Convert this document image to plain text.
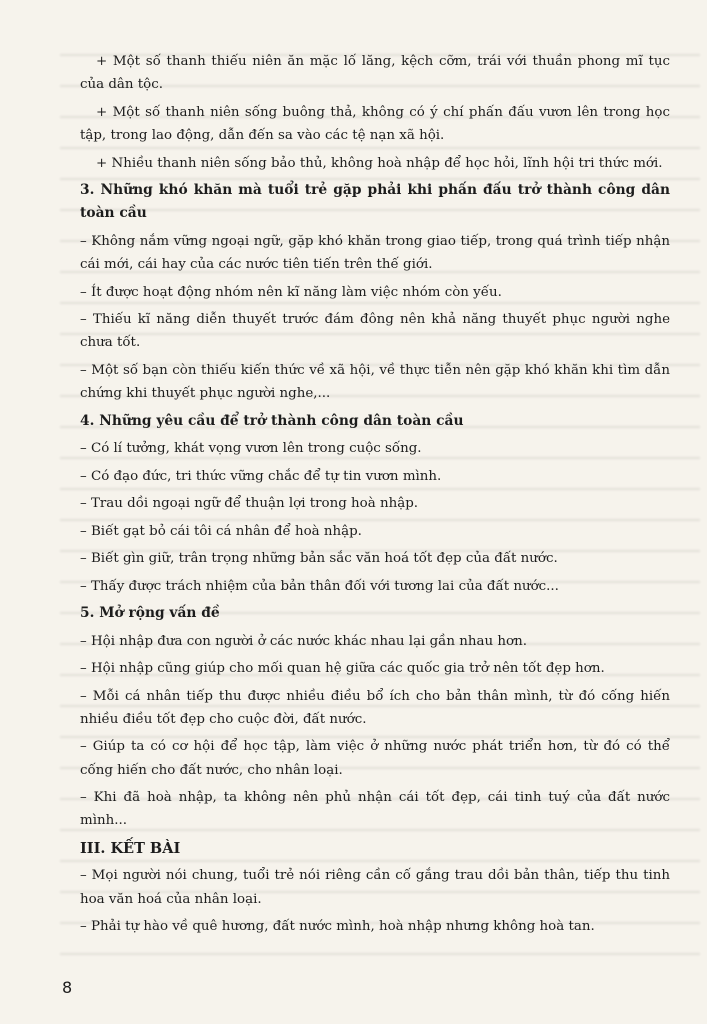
+ Một số thanh thiếu niên ăn mặc lố lăng, kệch cỡm, trái với thuần phong mĩ tục của dân tộc.

+ Một số thanh niên sống buông thả, không có ý chí phấn đấu vươn lên trong học tập, trong lao động, dẫn đến sa vào các tệ nạn xã hội.

+ Nhiều thanh niên sống bảo thủ, không hoà nhập để học hỏi, lĩnh hội tri thức mới.

3. Những khó khăn mà tuổi trẻ gặp phải khi phấn đấu trở thành công dân toàn cầu

– Không nắm vững ngoại ngữ, gặp khó khăn trong giao tiếp, trong quá trình tiếp nhận cái mới, cái hay của các nước tiên tiến trên thế giới.

– Ít được hoạt động nhóm nên kĩ năng làm việc nhóm còn yếu.

– Thiếu kĩ năng diễn thuyết trước đám đông nên khả năng thuyết phục người nghe chưa tốt.

– Một số bạn còn thiếu kiến thức về xã hội, về thực tiễn nên gặp khó khăn khi tìm dẫn chứng khi thuyết phục người nghe,...

4. Những yêu cầu để trở thành công dân toàn cầu

– Có lí tưởng, khát vọng vươn lên trong cuộc sống.

– Có đạo đức, tri thức vững chắc để tự tin vươn mình.

– Trau dồi ngoại ngữ để thuận lợi trong hoà nhập.

– Biết gạt bỏ cái tôi cá nhân để hoà nhập.

– Biết gìn giữ, trân trọng những bản sắc văn hoá tốt đẹp của đất nước.

– Thấy được trách nhiệm của bản thân đối với tương lai của đất nước...

5. Mở rộng vấn đề

– Hội nhập đưa con người ở các nước khác nhau lại gần nhau hơn.

– Hội nhập cũng giúp cho mối quan hệ giữa các quốc gia trở nên tốt đẹp hơn.

– Mỗi cá nhân tiếp thu được nhiều điều bổ ích cho bản thân mình, từ đó cống hiến nhiều điều tốt đẹp cho cuộc đời, đất nước.

– Giúp ta có cơ hội để học tập, làm việc ở những nước phát triển hơn, từ đó có thể cống hiến cho đất nước, cho nhân loại.

– Khi đã hoà nhập, ta không nên phủ nhận cái tốt đẹp, cái tinh tuý của đất nước mình...

III. KẾT BÀI

– Mọi người nói chung, tuổi trẻ nói riêng cần cố gắng trau dồi bản thân, tiếp thu tinh hoa văn hoá của nhân loại.

– Phải tự hào về quê hương, đất nước mình, hoà nhập nhưng không hoà tan.

8
